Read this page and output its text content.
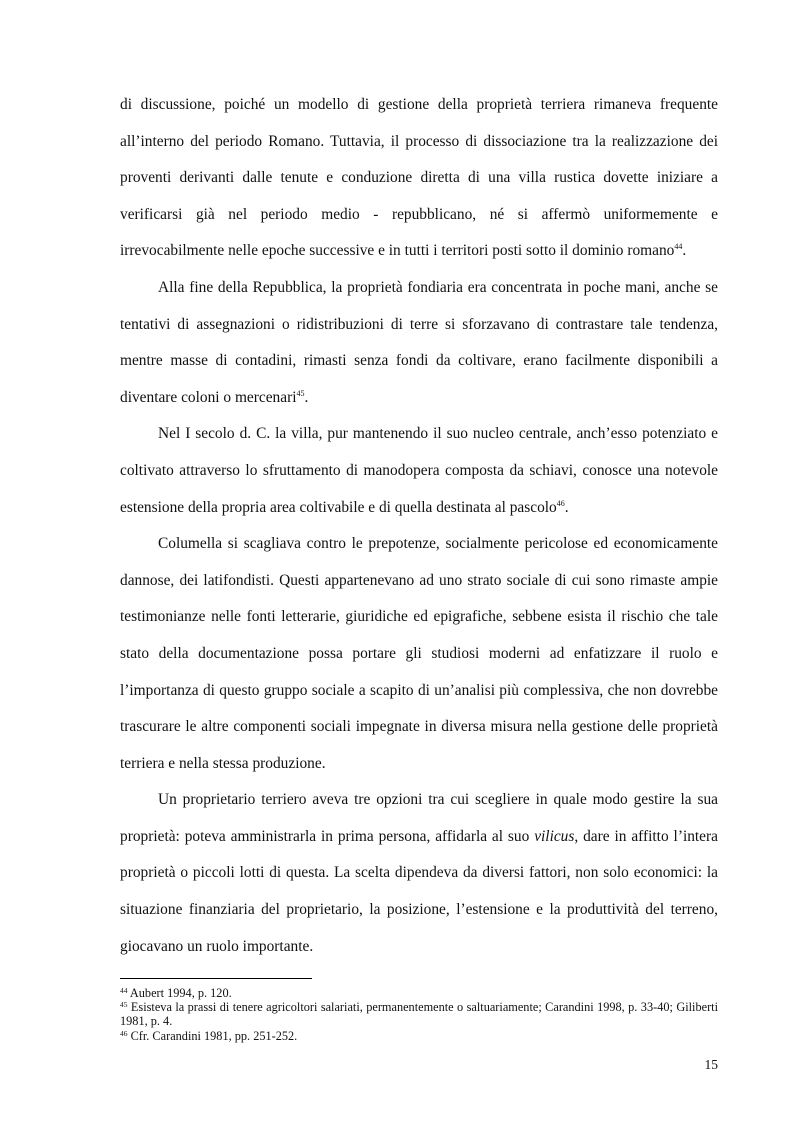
di discussione, poiché un modello di gestione della proprietà terriera rimaneva frequente all’interno del periodo Romano. Tuttavia, il processo di dissociazione tra la realizzazione dei proventi derivanti dalle tenute e conduzione diretta di una villa rustica dovette iniziare a verificarsi già nel periodo medio - repubblicano, né si affermò uniformemente e irrevocabilmente nelle epoche successive e in tutti i territori posti sotto il dominio romano$^{44}$.

Alla fine della Repubblica, la proprietà fondiaria era concentrata in poche mani, anche se tentativi di assegnazioni o ridistribuzioni di terre si sforzavano di contrastare tale tendenza, mentre masse di contadini, rimasti senza fondi da coltivare, erano facilmente disponibili a diventare coloni o mercenari$^{45}$.

Nel I secolo d. C. la villa, pur mantenendo il suo nucleo centrale, anch’esso potenziato e coltivato attraverso lo sfruttamento di manodopera composta da schiavi, conosce una notevole estensione della propria area coltivabile e di quella destinata al pascolo$^{46}$.

Columella si scagliava contro le prepotenze, socialmente pericolose ed economicamente dannose, dei latifondisti. Questi appartenevano ad uno strato sociale di cui sono rimaste ampie testimonianze nelle fonti letterarie, giuridiche ed epigrafiche, sebbene esista il rischio che tale stato della documentazione possa portare gli studiosi moderni ad enfatizzare il ruolo e l’importanza di questo gruppo sociale a scapito di un’analisi più complessiva, che non dovrebbe trascurare le altre componenti sociali impegnate in diversa misura nella gestione delle proprietà terriera e nella stessa produzione.

Un proprietario terriero aveva tre opzioni tra cui scegliere in quale modo gestire la sua proprietà: poteva amministrarla in prima persona, affidarla al suo vilicus, dare in affitto l’intera proprietà o piccoli lotti di questa. La scelta dipendeva da diversi fattori, non solo economici: la situazione finanziaria del proprietario, la posizione, l’estensione e la produttività del terreno, giocavano un ruolo importante.

$^{44}$ Aubert 1994, p. 120.

$^{45}$ Esisteva la prassi di tenere agricoltori salariati, permanentemente o saltuariamente; Carandini 1998, p. 33-40; Giliberti 1981, p. 4.

$^{46}$ Cfr. Carandini 1981, pp. 251-252.

15
